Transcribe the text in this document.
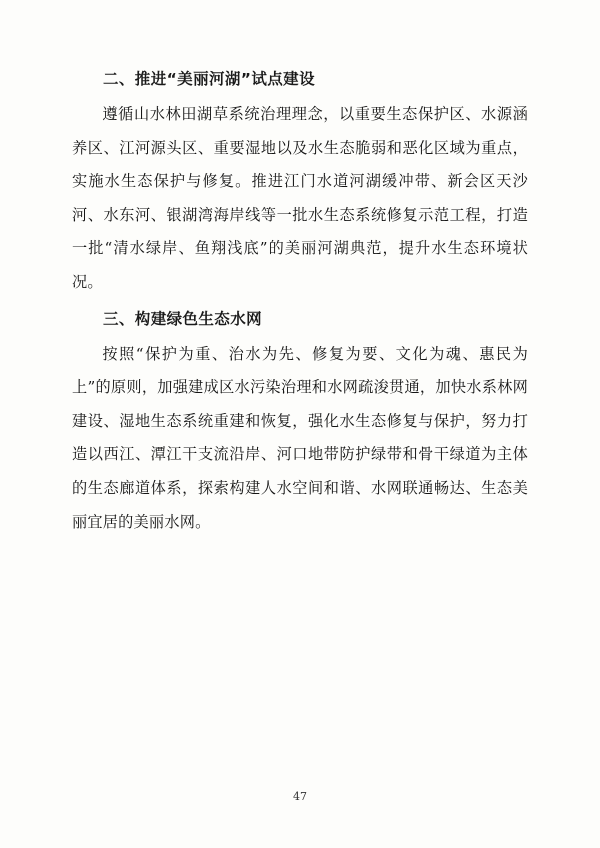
二、推进“美丽河湖”试点建设

遵循山水林田湖草系统治理理念，以重要生态保护区、水源涵养区、江河源头区、重要湿地以及水生态脆弱和恶化区域为重点，实施水生态保护与修复。推进江门水道河湖缓冲带、新会区天沙河、水东河、银湖湾海岸线等一批水生态系统修复示范工程，打造一批“清水绿岸、鱼翔浅底”的美丽河湖典范，提升水生态环境状况。

三、构建绿色生态水网

按照“保护为重、治水为先、修复为要、文化为魂、惠民为上”的原则，加强建成区水污染治理和水网疏浚贯通，加快水系林网建设、湿地生态系统重建和恢复，强化水生态修复与保护，努力打造以西江、潭江干支流沿岸、河口地带防护绿带和骨干绿道为主体的生态廊道体系，探索构建人水空间和谐、水网联通畅达、生态美丽宜居的美丽水网。

47
